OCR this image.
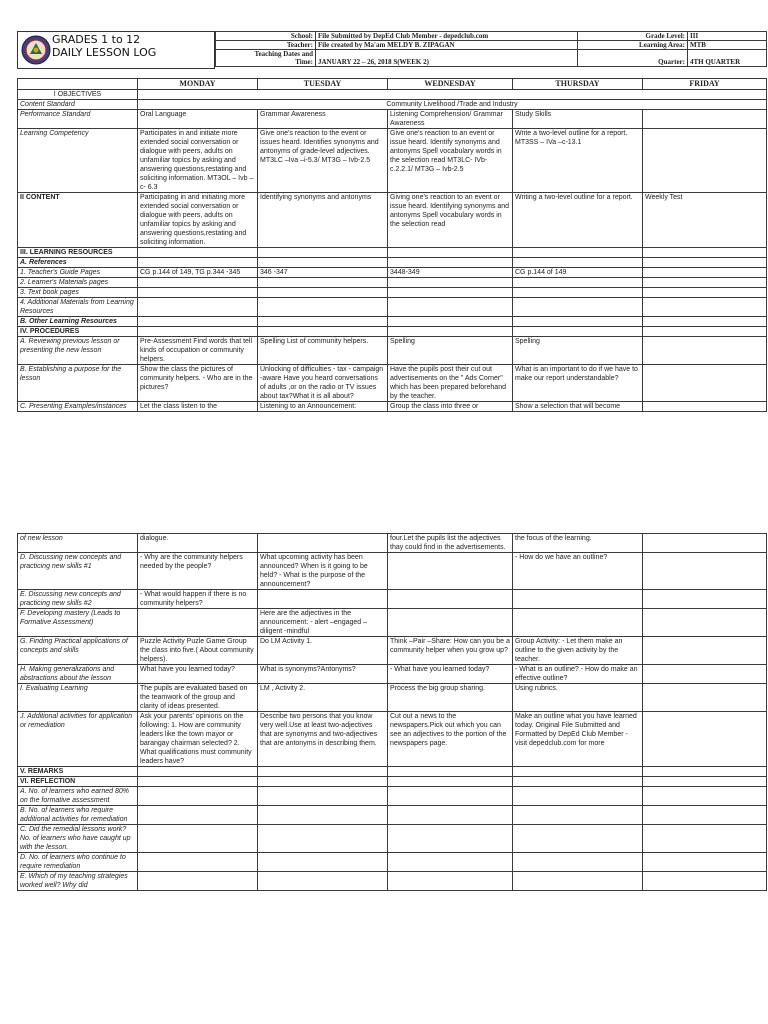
GRADES 1 to 12
DAILY LESSON LOG
School:	File Submitted by DepEd Club Member - depedclub.com	Grade Level:	III
Teacher:	File created by Ma'am MELDY B. ZIPAGAN	Learning Area:	MTB

Teaching Dates and
Time:	JANUARY 22 – 26, 2018 S(WEEK 2)	Quarter:	4TH QUARTER
	MONDAY	TUESDAY	WEDNESDAY	THURSDAY	FRIDAY
I OBJECTIVES					
Content Standard	Community Livelihood /Trade and Industry				
Performance Standard	Oral Language	Grammar Awareness	Listening Comprehension/ Grammar Awareness	Study Skills	
Learning Competency	Participates in and initiate more extended social conversation or dialogue with peers, adults on unfamiliar topics by asking and answering questions,restating and soliciting information. MT3OL – Ivb –c- 6.3	Give one's reaction to the event or issues heard. Identifies synonyms and antonyms of grade-level adjectives. MT3LC –Iva –i-5.3/ MT3G – Ivb-2.5	Give one's reaction to an event or issue heard. Identify synonyms and antonyms Spell vocabulary words in the selection read MT3LC- IVb-c.2.2.1/ MT3G – Ivb-2.5	Write a two-level outline for a report. MT3SS – IVa –c-13.1	
II CONTENT	Participating in and initiating more extended social conversation or dialogue with peers, adults on unfamiliar topics by asking and answering questions,restating and soliciting information.	Identifying synonyms and antonyms	Giving one's reaction to an event or issue heard. Identifying synonyms and antonyms Spell vocabulary words in the selection read	Writing a two-level outline for a report.	Weekly Test
III. LEARNING RESOURCES					
A. References					
1. Teacher's Guide Pages	CG p.144 of 149, TG p.344 -345	346 -347	3448-349	CG p.144 of 149	
2. Learner's Materials pages					
3. Text book pages					
4. Additional Materials from Learning Resources					
B. Other Learning Resources					
IV. PROCEDURES					
A. Reviewing previous lesson or presenting the new lesson	Pre-Assessment Find words that tell kinds of occupation or community helpers.	Spelling List of community helpers.	Spelling	Spelling	
B. Establishing a purpose for the lesson	Show the class the pictures of community helpers. - Who are in the pictures?	Unlocking of difficulties - tax - campaign -aware Have you heard conversations of adults ,or on the radio or TV issues about tax?What it is all about?	Have the pupils post their cut out advertisements on the " Ads Corner" which has been prepared beforehand by the teacher.	What is an important to do if we have to make our report understandable?	
C. Presenting Examples/instances	Let the class listen to the	Listening to an Announcement:	Group the class into three or	Show a selection that will become	
of new lesson	dialogue.		four.Let the pupils list the adjectives thay could find in the advertisements.	the focus of the learning.	
D. Discussing new concepts and practicing new skills #1	- Why are the community helpers needed by the people?	What upcoming activity has been announced? When is it going to be held? - What is the purpose of the announcement?		- How do we have an outline?	
E. Discussing new concepts and practicing new skills #2	- What would happen if there is no community helpers?				
F. Developing mastery (Leads to Formative Assessment)		Here are the adjectives in the announcement: - alert –engaged – diligent -mindful			
G. Finding Practical applications of concepts and skills	Puzzle Activity Puzle Game Group the class into five.( About community helpers).	Do LM Activity 1.	Think –Pair –Share: How can you be a community helper when you grow up?	Group Activity: - Let them make an outline to the given activity by the teacher.	
H. Making generalizations and abstractions about the lesson	What have you learned today?	What is synonyms?Antonyms?	- What have you learned today?	- What is an outline? - How do make an effective outline?	
I. Evaluating Learning	The pupils are evaluated based on the teamwork of the group and clarity of ideas presented.	LM , Activity 2.	Process the big group sharing.	Using rubrics.	
J. Additional activities for application or remediation	Ask your parents' opinions on the following: 1. How are community leaders like the town mayor or barangay chairman selected? 2. What qualifications must community leaders have?	Describe two persons that you know very well.Use at least two-adjectives that are synonyms and two-adjectives that are antonyms in describing them.	Cut out a news to the newspapers.Pick out which you can see an adjectives to the portion of the newspapers page.	Make an outline what you have learned today. Original File Submitted and Formatted by DepEd Club Member - visit depedclub.com for more	
V. REMARKS					
VI. REFLECTION					
A. No. of learners who earned 80% on the formative assessment					
B. No. of learners who require additional activities for remediation					
C. Did the remedial lessons work? No. of learners who have caught up with the lesson.					
D. No. of learners who continue to require remediation					
E. Which of my teaching strategies worked well? Why did					
